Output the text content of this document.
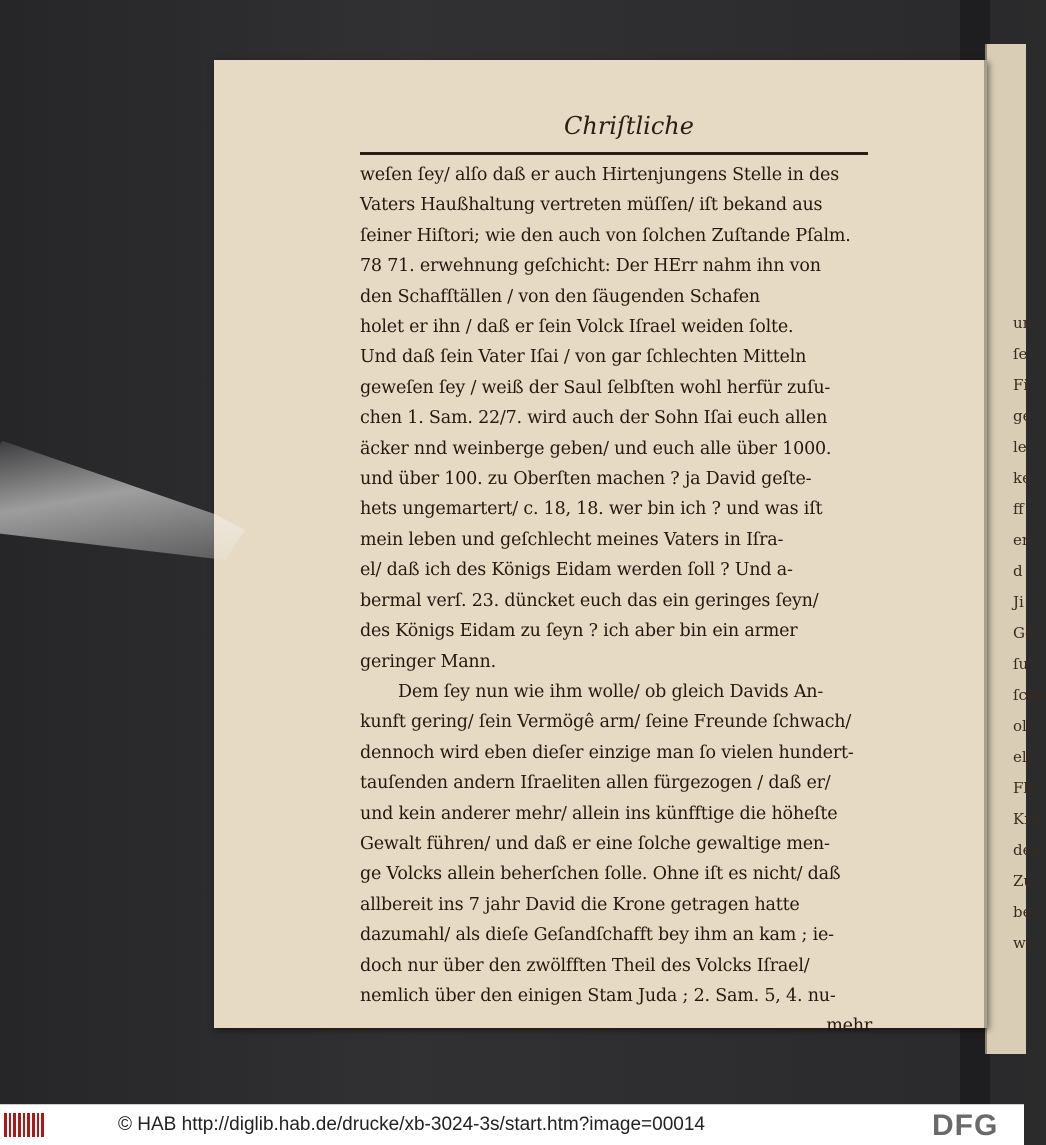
un
ſe
Fi
ge
le
ke
ff
en
d
Ji
Ge
ſu
ſche
ols
elt
Fle
Kre
den
Zu
bei
wo
Chriſtliche
weſen ſey/ alſo daß er auch Hirtenjungens Stelle in des
Vaters Haußhaltung vertreten müſſen/ iſt bekand aus
ſeiner Hiſtori; wie den auch von ſolchen Zuſtande Pſalm.
78 71. erwehnung geſchicht: Der HErr nahm ihn von
den Schafſtällen / von den ſäugenden Schafen
holet er ihn / daß er ſein Volck Iſrael weiden ſolte.
Und daß ſein Vater Iſai / von gar ſchlechten Mitteln
geweſen ſey / weiß der Saul ſelbſten wohl herfür zuſu-
chen 1. Sam. 22/7. wird auch der Sohn Iſai euch allen
äcker nnd weinberge geben/ und euch alle über 1000.
und über 100. zu Oberſten machen ? ja David geſte-
hets ungemartert/ c. 18, 18. wer bin ich ? und was iſt
mein leben und geſchlecht meines Vaters in Iſra-
el/ daß ich des Königs Eidam werden ſoll ? Und a-
bermal verſ. 23. düncket euch das ein geringes ſeyn/
des Königs Eidam zu ſeyn ? ich aber bin ein armer
geringer Mann.
Dem ſey nun wie ihm wolle/ ob gleich Davids An-
kunft gering/ ſein Vermögê arm/ ſeine Freunde ſchwach/
dennoch wird eben dieſer einzige man ſo vielen hundert-
tauſenden andern Iſraeliten allen fürgezogen / daß er/
und kein anderer mehr/ allein ins künfftige die höheſte
Gewalt führen/ und daß er eine ſolche gewaltige men-
ge Volcks allein beherſchen ſolle. Ohne iſt es nicht/ daß
allbereit ins 7 jahr David die Krone getragen hatte
dazumahl/ als dieſe Geſandſchafft bey ihm an kam ; ie-
doch nur über den zwölfften Theil des Volcks Iſrael/
nemlich über den einigen Stam Juda ; 2. Sam. 5, 4. nu-
mehr
© HAB http://diglib.hab.de/drucke/xb-3024-3s/start.htm?image=00014	DFG
